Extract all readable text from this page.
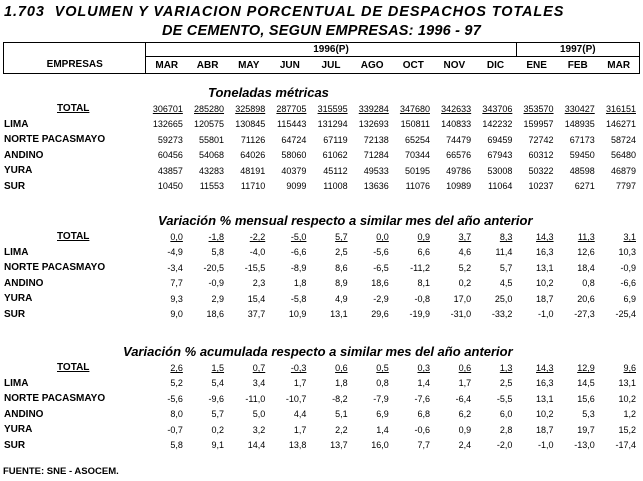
1.703  VOLUMEN Y VARIACION PORCENTUAL DE DESPACHOS TOTALES
DE CEMENTO, SEGUN EMPRESAS: 1996 - 97
	1996(P)									1997(P)		
EMPRESAS	MAR	ABR	MAY	JUN	JUL	AGO	OCT	NOV	DIC	ENE	FEB	MAR
Toneladas métricas
TOTAL	306701	285280	325898	287705	315595	339284	347680	342633	343706	353570	330427	316151
LIMA	132665	120575	130845	115443	131294	132693	150811	140833	142232	159957	148935	146271
NORTE PACASMAYO	59273	55801	71126	64724	67119	72138	65254	74479	69459	72742	67173	58724
ANDINO	60456	54068	64026	58060	61062	71284	70344	66576	67943	60312	59450	56480
YURA	43857	43283	48191	40379	45112	49533	50195	49786	53008	50322	48598	46879
SUR	10450	11553	11710	9099	11008	13636	11076	10989	11064	10237	6271	7797
Variación % mensual respecto a similar mes del año anterior
TOTAL	0,0	-1,8	-2,2	-5,0	5,7	0,0	0,9	3,7	8,3	14,3	11,3	3,1
LIMA	-4,9	5,8	-4,0	-6,6	2,5	-5,6	6,6	4,6	11,4	16,3	12,6	10,3
NORTE PACASMAYO	-3,4	-20,5	-15,5	-8,9	8,6	-6,5	-11,2	5,2	5,7	13,1	18,4	-0,9
ANDINO	7,7	-0,9	2,3	1,8	8,9	18,6	8,1	0,2	4,5	10,2	0,8	-6,6
YURA	9,3	2,9	15,4	-5,8	4,9	-2,9	-0,8	17,0	25,0	18,7	20,6	6,9
SUR	9,0	18,6	37,7	10,9	13,1	29,6	-19,9	-31,0	-33,2	-1,0	-27,3	-25,4
Variación % acumulada respecto a similar mes del año anterior
TOTAL	2,6	1,5	0,7	-0,3	0,6	0,5	0,3	0,6	1,3	14,3	12,9	9,6
LIMA	5,2	5,4	3,4	1,7	1,8	0,8	1,4	1,7	2,5	16,3	14,5	13,1
NORTE PACASMAYO	-5,6	-9,6	-11,0	-10,7	-8,2	-7,9	-7,6	-6,4	-5,5	13,1	15,6	10,2
ANDINO	8,0	5,7	5,0	4,4	5,1	6,9	6,8	6,2	6,0	10,2	5,3	1,2
YURA	-0,7	0,2	3,2	1,7	2,2	1,4	-0,6	0,9	2,8	18,7	19,7	15,2
SUR	5,8	9,1	14,4	13,8	13,7	16,0	7,7	2,4	-2,0	-1,0	-13,0	-17,4
FUENTE: SNE - ASOCEM.
